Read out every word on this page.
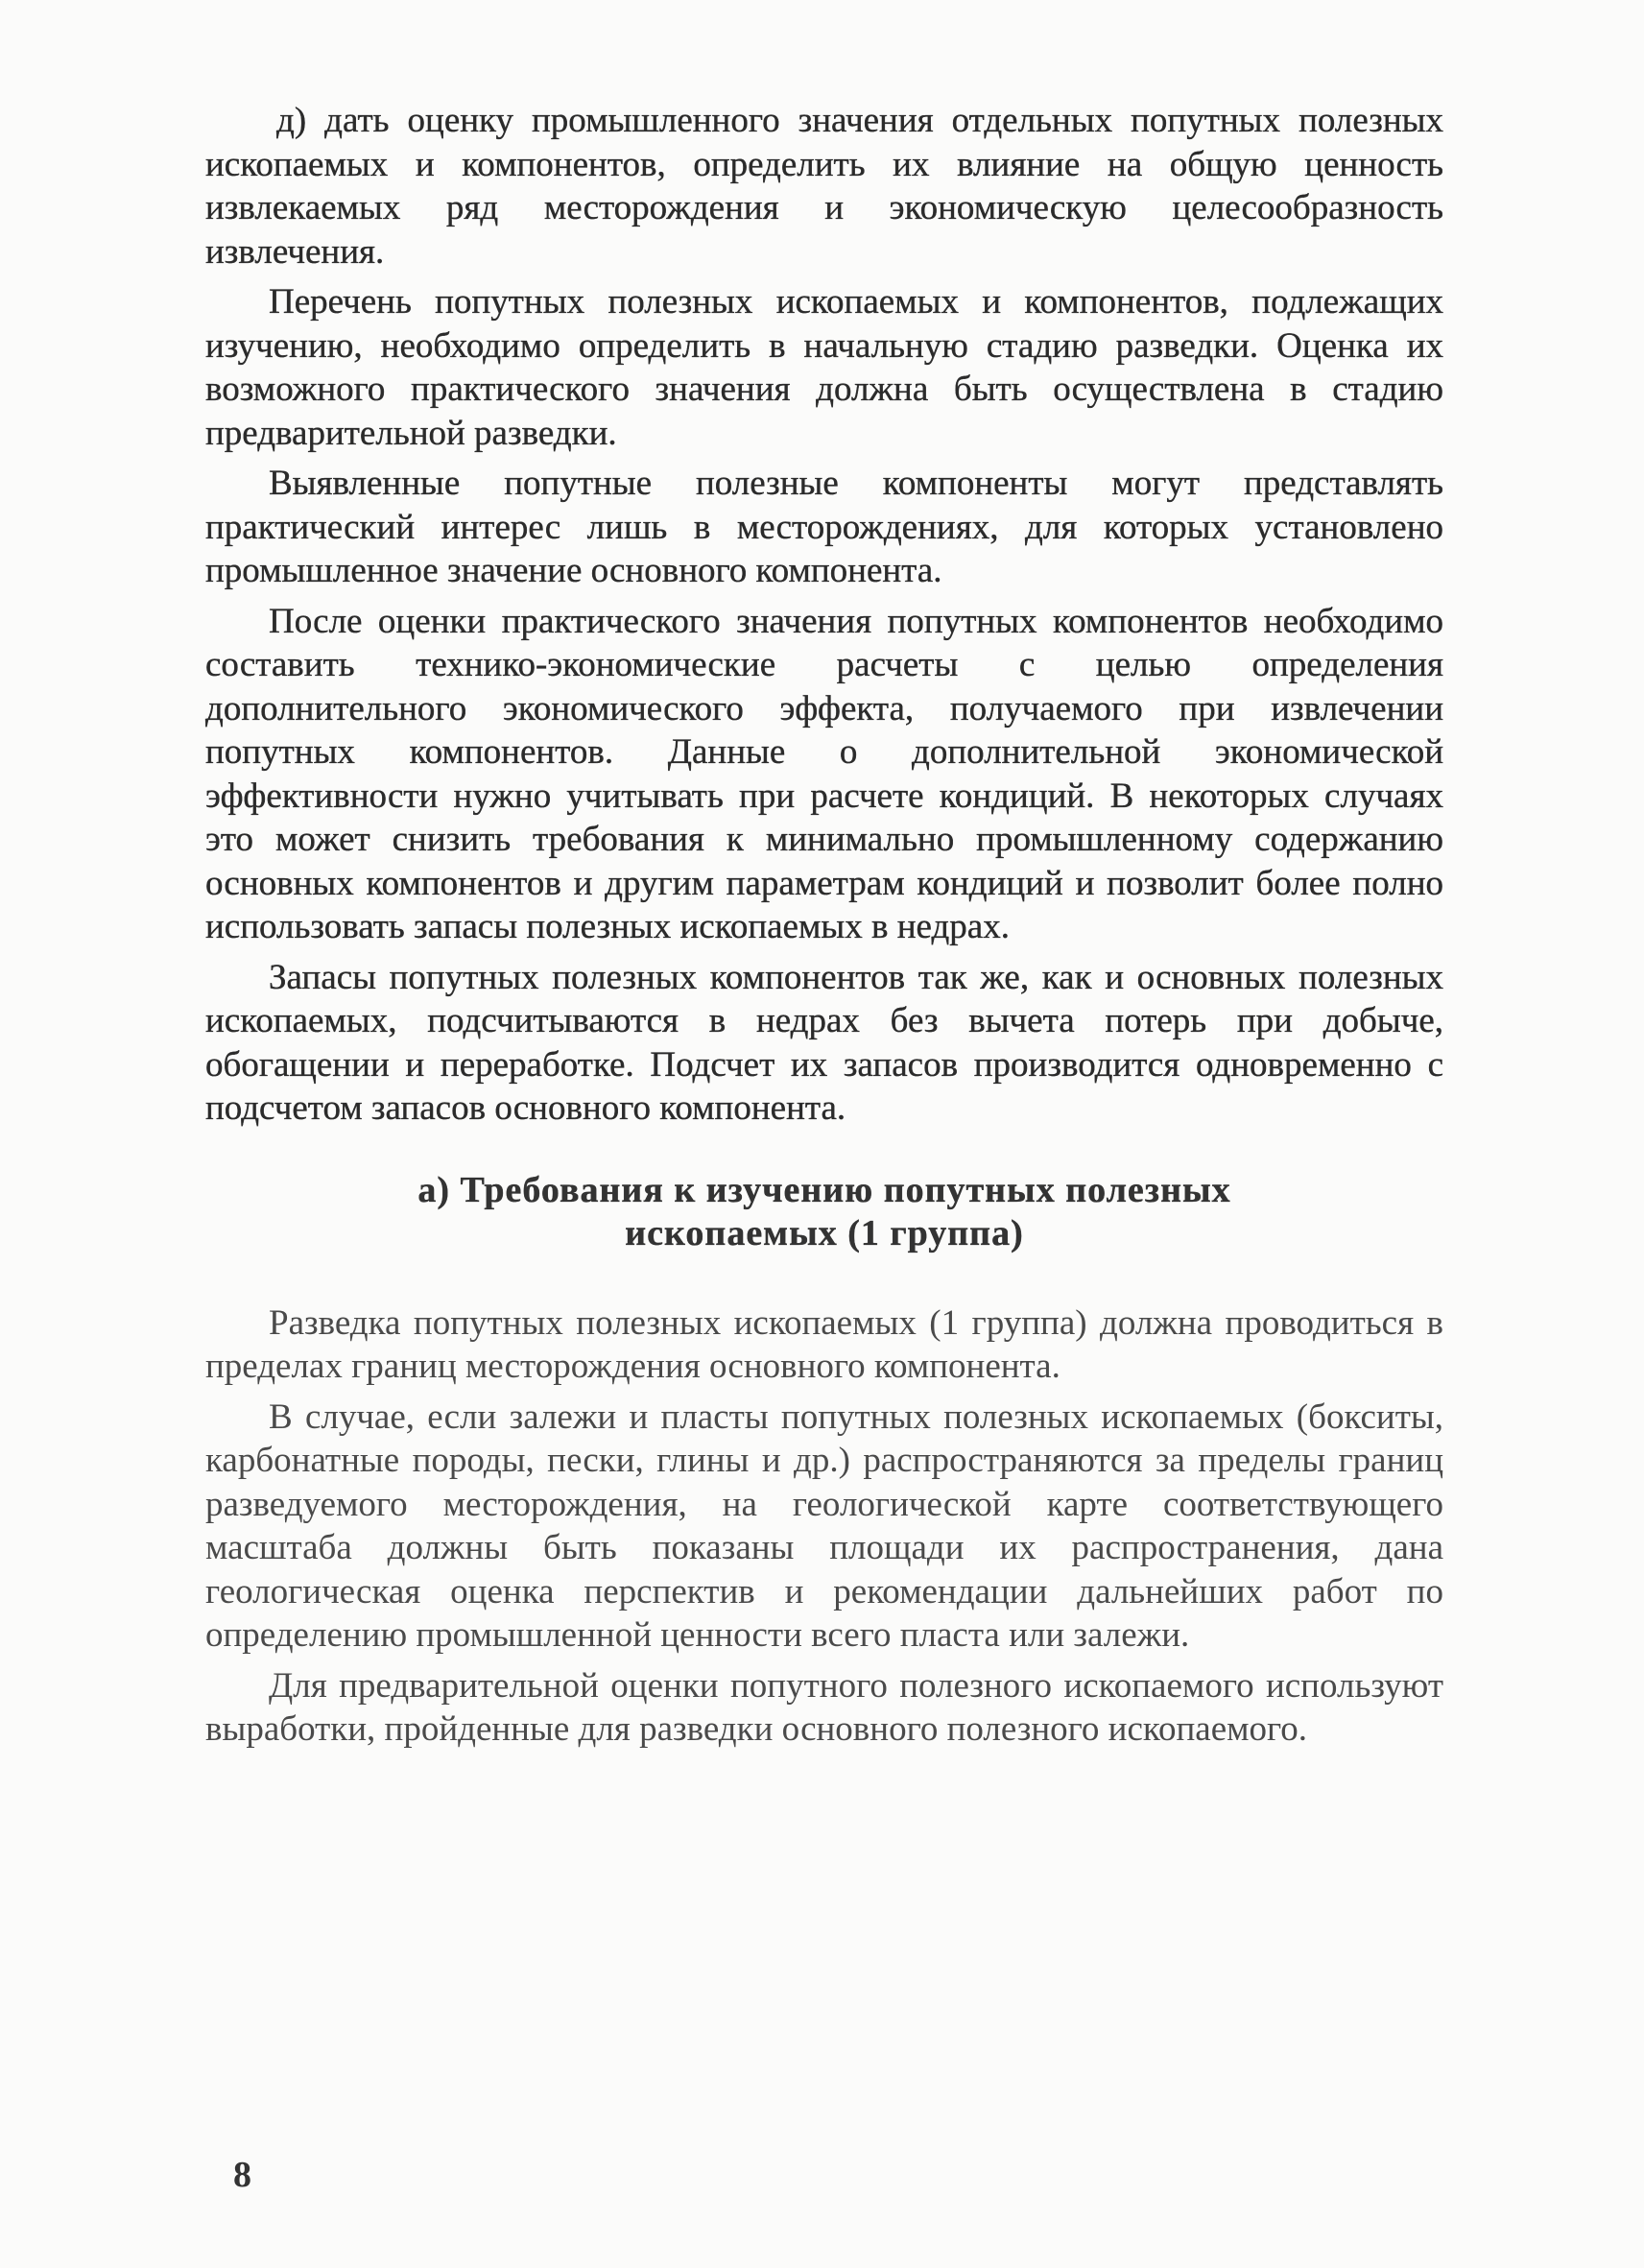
д) дать оценку промышленного значения отдельных попутных полезных ископаемых и компонентов, определить их влияние на общую ценность извлекаемых ряд месторождения и экономическую целесообразность извлечения.

Перечень попутных полезных ископаемых и компонентов, подлежащих изучению, необходимо определить в начальную стадию разведки. Оценка их возможного практического значения должна быть осуществлена в стадию предварительной разведки.

Выявленные попутные полезные компоненты могут представлять практический интерес лишь в месторождениях, для которых установлено промышленное значение основного компонента.

После оценки практического значения попутных компонентов необходимо составить технико-экономические расчеты с целью определения дополнительного экономического эффекта, получаемого при извлечении попутных компонентов. Данные о дополнительной экономической эффективности нужно учитывать при расчете кондиций. В некоторых случаях это может снизить требования к минимально промышленному содержанию основных компонентов и другим параметрам кондиций и позволит более полно использовать запасы полезных ископаемых в недрах.

Запасы попутных полезных компонентов так же, как и основных полезных ископаемых, подсчитываются в недрах без вычета потерь при добыче, обогащении и переработке. Подсчет их запасов производится одновременно с подсчетом запасов основного компонента.

а) Требования к изучению попутных полезных
ископаемых (1 группа)

Разведка попутных полезных ископаемых (1 группа) должна проводиться в пределах границ месторождения основного компонента.

В случае, если залежи и пласты попутных полезных ископаемых (бокситы, карбонатные породы, пески, глины и др.) распространяются за пределы границ разведуемого месторождения, на геологической карте соответствующего масштаба должны быть показаны площади их распространения, дана геологическая оценка перспектив и рекомендации дальнейших работ по определению промышленной ценности всего пласта или залежи.

Для предварительной оценки попутного полезного ископаемого используют выработки, пройденные для разведки основного полезного ископаемого.

8
